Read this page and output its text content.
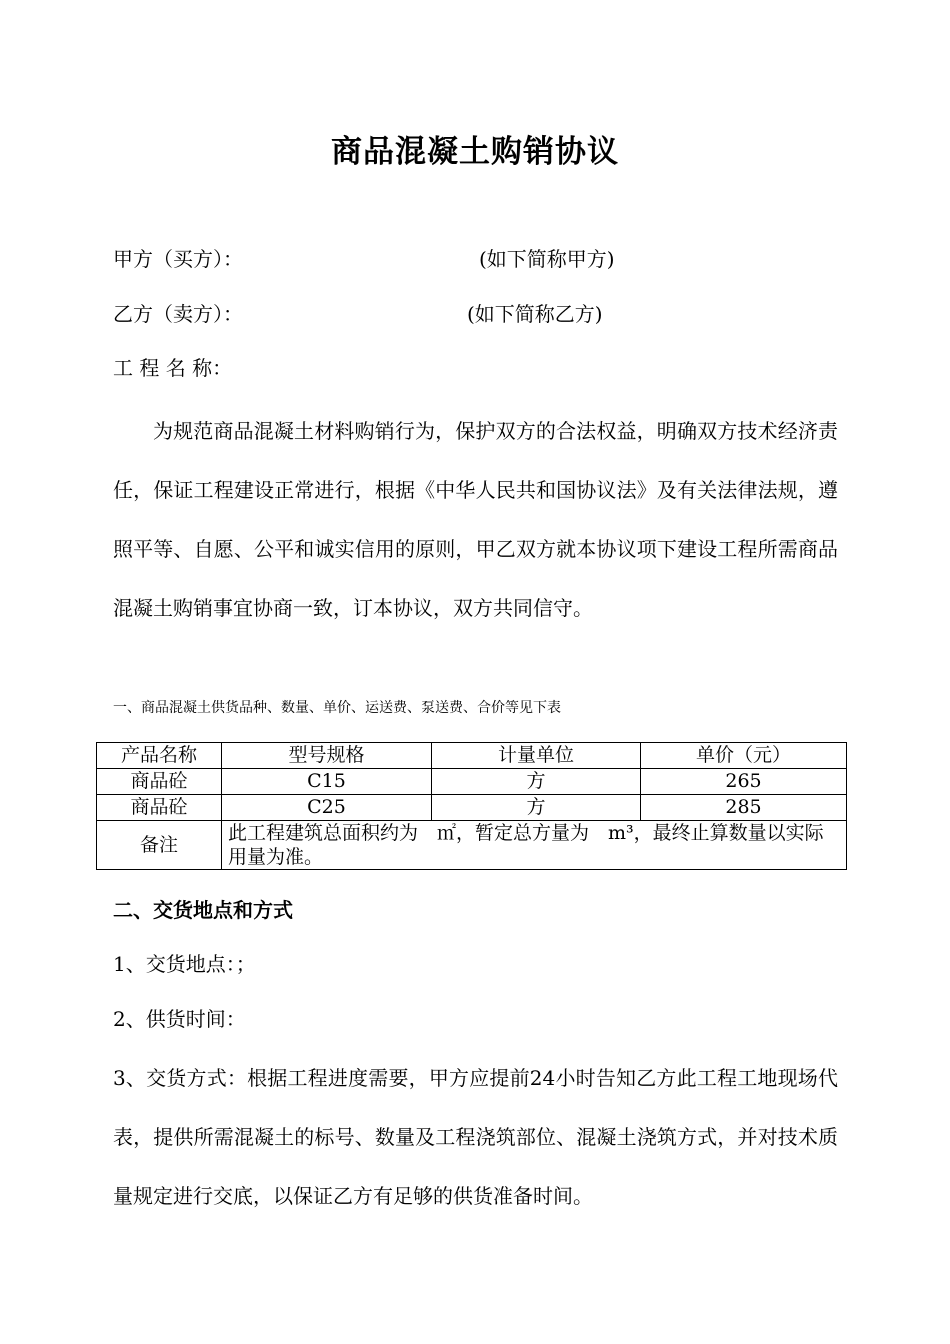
商品混凝土购销协议
甲方（买方）：	(如下简称甲方)
乙方（卖方）：	(如下简称乙方)
工 程 名 称：

为规范商品混凝土材料购销行为，保护双方的合法权益，明确双方技术经济责任，保证工程建设正常进行，根据《中华人民共和国协议法》及有关法律法规，遵照平等、自愿、公平和诚实信用的原则，甲乙双方就本协议项下建设工程所需商品混凝土购销事宜协商一致，订本协议，双方共同信守。

一、商品混凝土供货品种、数量、单价、运送费、泵送费、合价等见下表
产品名称	型号规格	计量单位	单价（元）
商品砼	C15	方	265
商品砼	C25	方	285
备注	此工程建筑总面积约为　㎡，暂定总方量为　m³，最终止算数量以实际用量为准。		
二、交货地点和方式
1、交货地点：；
2、供货时间：

3、交货方式：根据工程进度需要，甲方应提前24小时告知乙方此工程工地现场代表，提供所需混凝土的标号、数量及工程浇筑部位、混凝土浇筑方式，并对技术质量规定进行交底，以保证乙方有足够的供货准备时间。
